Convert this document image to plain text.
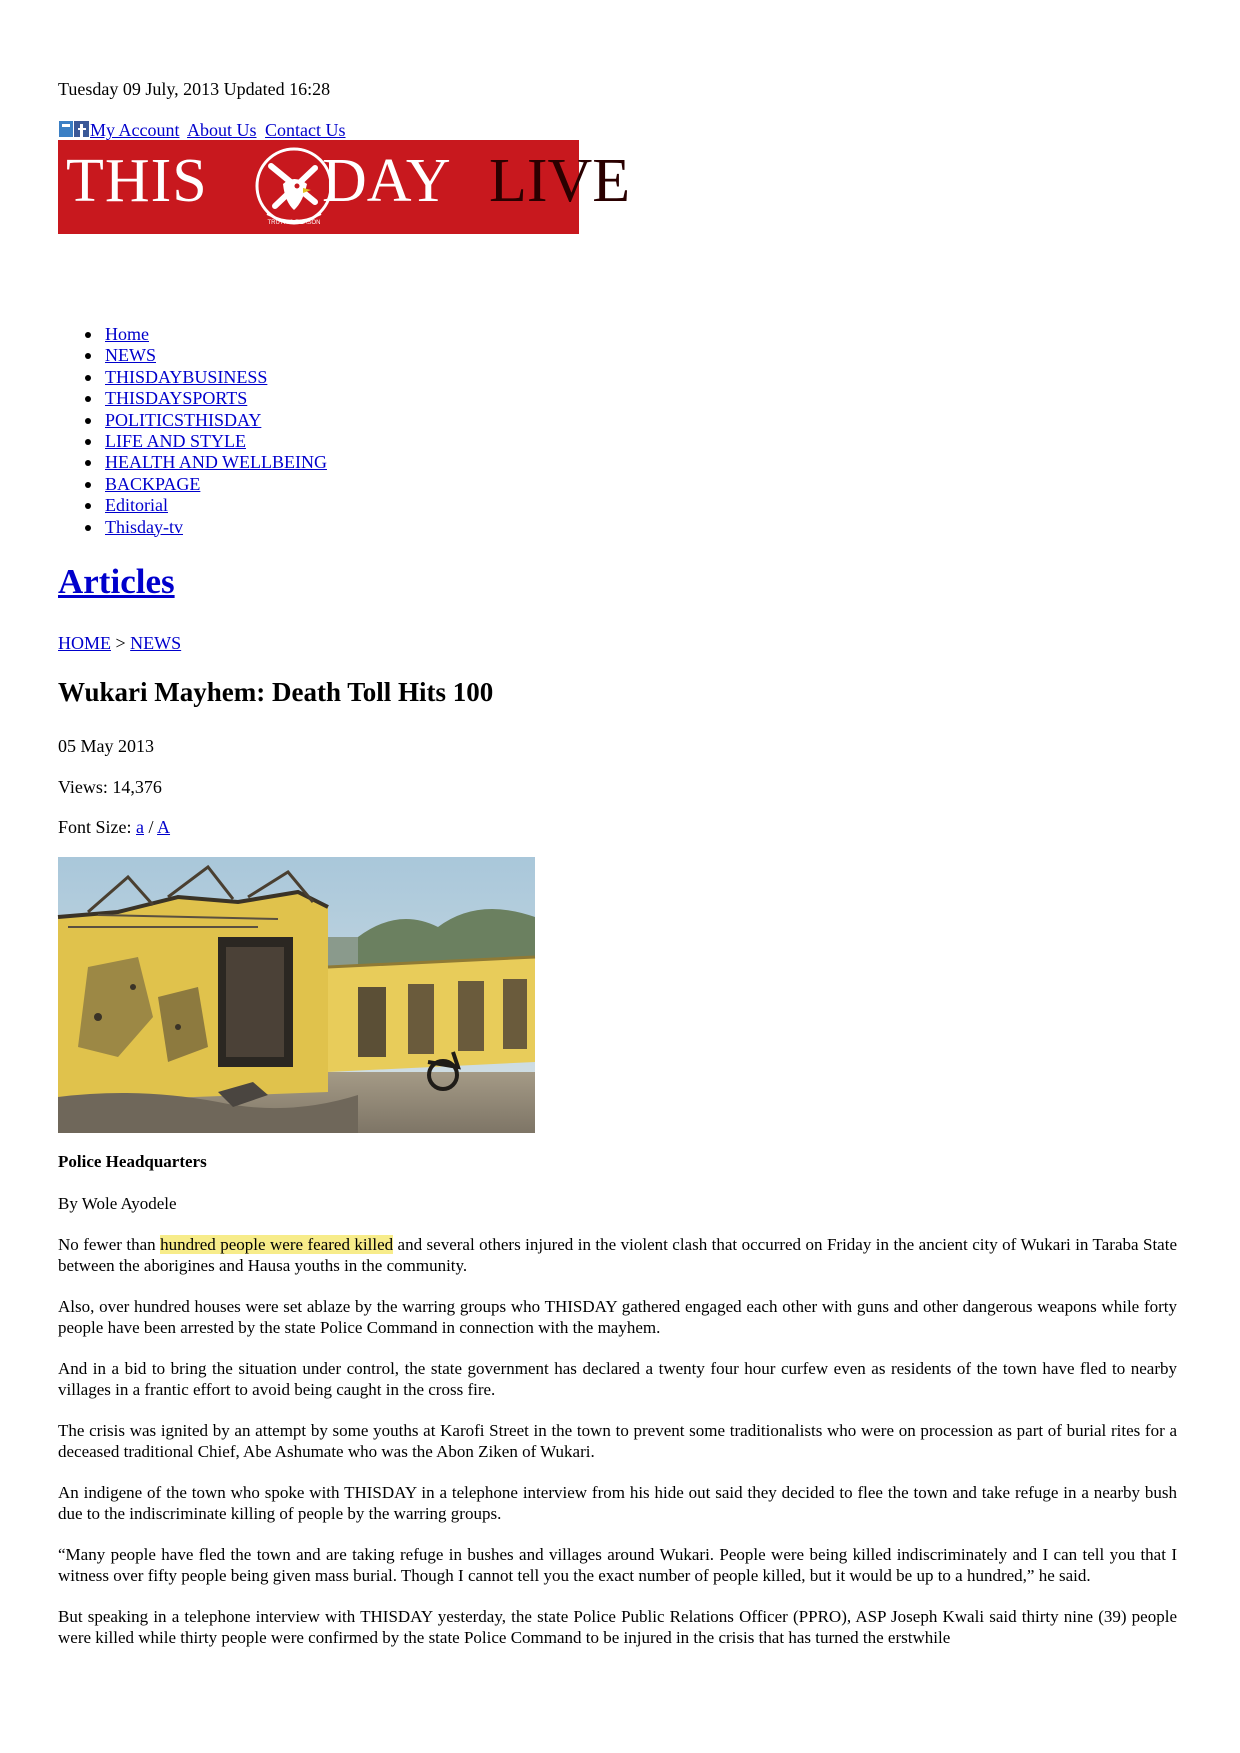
Tuesday 09 July, 2013 Updated 16:28
My Account About Us Contact Us
THIS
TRUTH & REASON
DAY LIVE
Home
NEWS
THISDAYBUSINESS
THISDAYSPORTS
POLITICSTHISDAY
LIFE AND STYLE
HEALTH AND WELLBEING
BACKPAGE
Editorial
Thisday-tv
Articles
HOME > NEWS
Wukari Mayhem: Death Toll Hits 100
05 May 2013
Views: 14,376
Font Size: a / A
Police Headquarters
By Wole Ayodele

No fewer than hundred people were feared killed and several others injured in the violent clash that occurred on Friday in the ancient city of Wukari in Taraba State between the aborigines and Hausa youths in the community.

Also, over hundred houses were set ablaze by the warring groups who THISDAY gathered engaged each other with guns and other dangerous weapons while forty people have been arrested by the state Police Command in connection with the mayhem.

And in a bid to bring the situation under control, the state government has declared a twenty four hour curfew even as residents of the town have fled to nearby villages in a frantic effort to avoid being caught in the cross fire.

The crisis was ignited by an attempt by some youths at Karofi Street in the town to prevent some traditionalists who were on procession as part of burial rites for a deceased traditional Chief, Abe Ashumate who was the Abon Ziken of Wukari.

An indigene of the town who spoke with THISDAY in a telephone interview from his hide out said they decided to flee the town and take refuge in a nearby bush due to the indiscriminate killing of people by the warring groups.

“Many people have fled the town and are taking refuge in bushes and villages around Wukari. People were being killed indiscriminately and I can tell you that I witness over fifty people being given mass burial. Though I cannot tell you the exact number of people killed, but it would be up to a hundred,” he said.

But speaking in a telephone interview with THISDAY yesterday, the state Police Public Relations Officer (PPRO), ASP Joseph Kwali said thirty nine (39) people were killed while thirty people were confirmed by the state Police Command to be injured in the crisis that has turned the erstwhile
